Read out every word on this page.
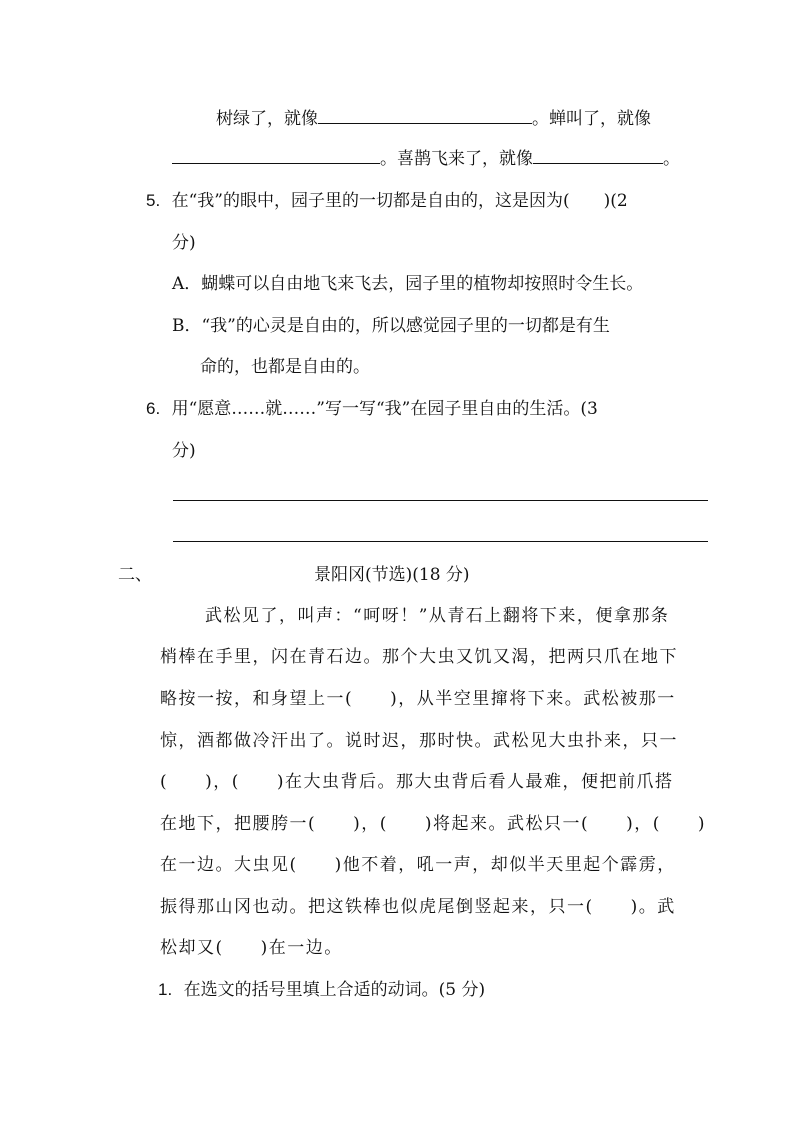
树绿了，就像	。蝉叫了，就像
。喜鹊飞来了，就像	。
5. 在“我”的眼中，园子里的一切都是自由的，这是因为(　　)(2
分)
A．蝴蝶可以自由地飞来飞去，园子里的植物却按照时令生长。
B．“我”的心灵是自由的，所以感觉园子里的一切都是有生
命的，也都是自由的。
6. 用“愿意……就……”写一写“我”在园子里自由的生活。(3
分)
二、	景阳冈(节选)(18 分)
武松见了，叫声：“呵呀！”从青石上翻将下来，便拿那条
梢棒在手里，闪在青石边。那个大虫又饥又渴，把两只爪在地下
略按一按，和身望上一(　　)，从半空里撺将下来。武松被那一
惊，酒都做冷汗出了。说时迟，那时快。武松见大虫扑来，只一
(　　)，(　　)在大虫背后。那大虫背后看人最难，便把前爪搭
在地下，把腰胯一(　　)，(　　)将起来。武松只一(　　)，(　　)
在一边。大虫见(　　)他不着，吼一声，却似半天里起个霹雳，
振得那山冈也动。把这铁棒也似虎尾倒竖起来，只一(　　)。武
松却又(　　)在一边。
1. 在选文的括号里填上合适的动词。(5 分)
